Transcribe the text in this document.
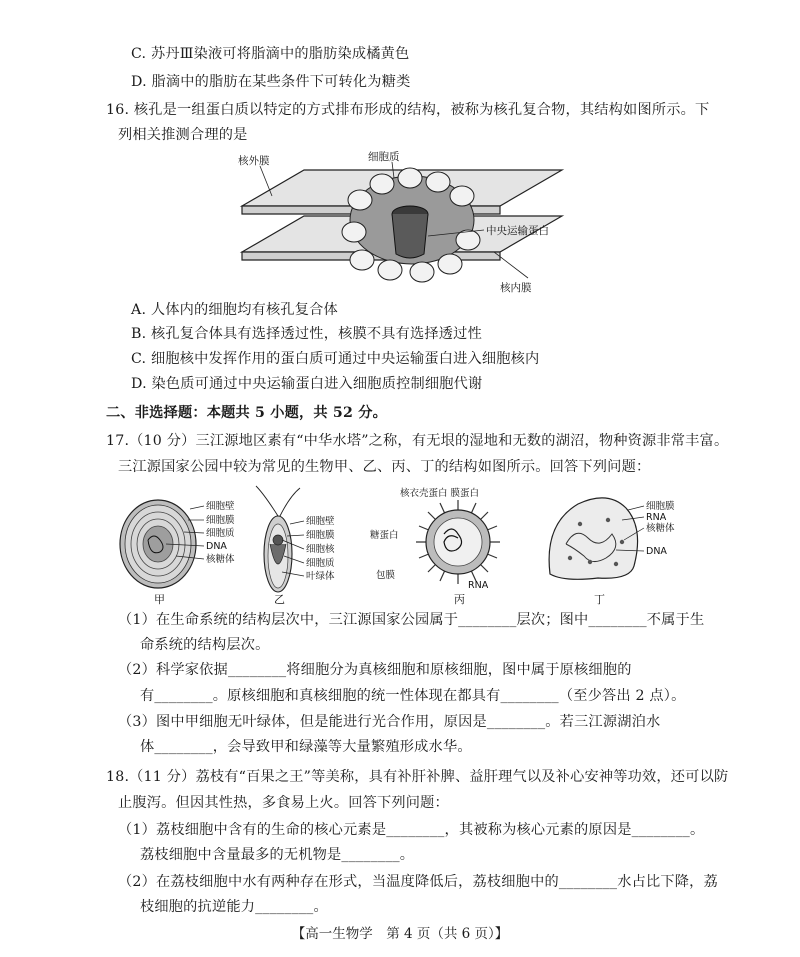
C. 苏丹Ⅲ染液可将脂滴中的脂肪染成橘黄色
D. 脂滴中的脂肪在某些条件下可转化为糖类
16. 核孔是一组蛋白质以特定的方式排布形成的结构，被称为核孔复合物，其结构如图所示。下
列相关推测合理的是
核外膜	细胞质
中央运输蛋白
核内膜
A. 人体内的细胞均有核孔复合体
B. 核孔复合体具有选择透过性，核膜不具有选择透过性
C. 细胞核中发挥作用的蛋白质可通过中央运输蛋白进入细胞核内
D. 染色质可通过中央运输蛋白进入细胞质控制细胞代谢
二、非选择题：本题共 5 小题，共 52 分。
17.（10 分）三江源地区素有“中华水塔”之称，有无垠的湿地和无数的湖沼，物种资源非常丰富。
三江源国家公园中较为常见的生物甲、乙、丙、丁的结构如图所示。回答下列问题：
细胞壁
细胞膜
细胞质
DNA
核糖体
细胞壁
细胞膜
细胞核
细胞质
叶绿体
核衣壳蛋白 膜蛋白
糖蛋白
包膜
RNA
细胞膜
RNA
核糖体
DNA
甲	乙	丙	丁
（1）在生命系统的结构层次中，三江源国家公园属于________层次；图中________不属于生
命系统的结构层次。
（2）科学家依据________将细胞分为真核细胞和原核细胞，图中属于原核细胞的
有________。原核细胞和真核细胞的统一性体现在都具有________（至少答出 2 点）。
（3）图中甲细胞无叶绿体，但是能进行光合作用，原因是________。若三江源湖泊水
体________，会导致甲和绿藻等大量繁殖形成水华。
18.（11 分）荔枝有“百果之王”等美称，具有补肝补脾、益肝理气以及补心安神等功效，还可以防
止腹泻。但因其性热，多食易上火。回答下列问题：
（1）荔枝细胞中含有的生命的核心元素是________，其被称为核心元素的原因是________。
荔枝细胞中含量最多的无机物是________。
（2）在荔枝细胞中水有两种存在形式，当温度降低后，荔枝细胞中的________水占比下降，荔
枝细胞的抗逆能力________。
【高一生物学　第 4 页（共 6 页）】
